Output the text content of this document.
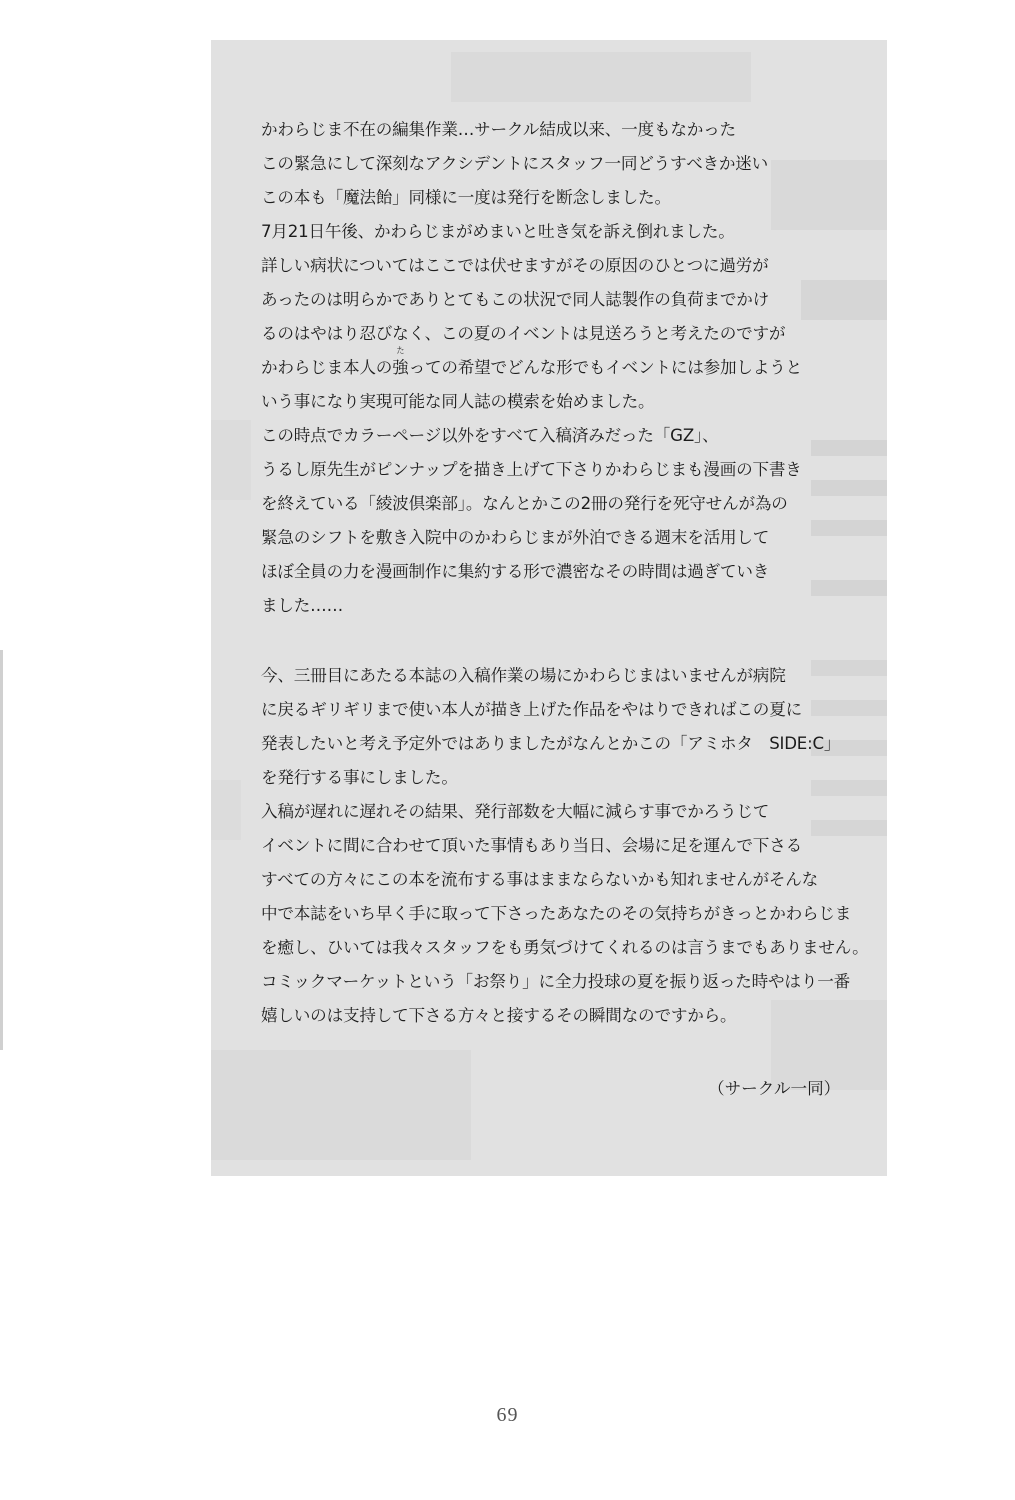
かわらじま不在の編集作業…サークル結成以来、一度もなかった
この緊急にして深刻なアクシデントにスタッフ一同どうすべきか迷い
この本も「魔法飴」同様に一度は発行を断念しました。
7月21日午後、かわらじまがめまいと吐き気を訴え倒れました。
詳しい病状についてはここでは伏せますがその原因のひとつに過労が
あったのは明らかでありとてもこの状況で同人誌製作の負荷までかけ
るのはやはり忍びなく、この夏のイベントは見送ろうと考えたのですが
かわらじま本人の
た
強っての希望でどんな形でもイベントには参加しようと
いう事になり実現可能な同人誌の模索を始めました。
この時点でカラーページ以外をすべて入稿済みだった「GZ」、
うるし原先生がピンナップを描き上げて下さりかわらじまも漫画の下書き
を終えている「綾波倶楽部」。なんとかこの2冊の発行を死守せんが為の
緊急のシフトを敷き入院中のかわらじまが外泊できる週末を活用して
ほぼ全員の力を漫画制作に集約する形で濃密なその時間は過ぎていき
ました……
今、三冊目にあたる本誌の入稿作業の場にかわらじまはいませんが病院
に戻るギリギリまで使い本人が描き上げた作品をやはりできればこの夏に
発表したいと考え予定外ではありましたがなんとかこの「アミホタ　SIDE:C」
を発行する事にしました。
入稿が遅れに遅れその結果、発行部数を大幅に減らす事でかろうじて
イベントに間に合わせて頂いた事情もあり当日、会場に足を運んで下さる
すべての方々にこの本を流布する事はままならないかも知れませんがそんな
中で本誌をいち早く手に取って下さったあなたのその気持ちがきっとかわらじま
を癒し、ひいては我々スタッフをも勇気づけてくれるのは言うまでもありません。
コミックマーケットという「お祭り」に全力投球の夏を振り返った時やはり一番
嬉しいのは支持して下さる方々と接するその瞬間なのですから。
（サークル一同）
69
